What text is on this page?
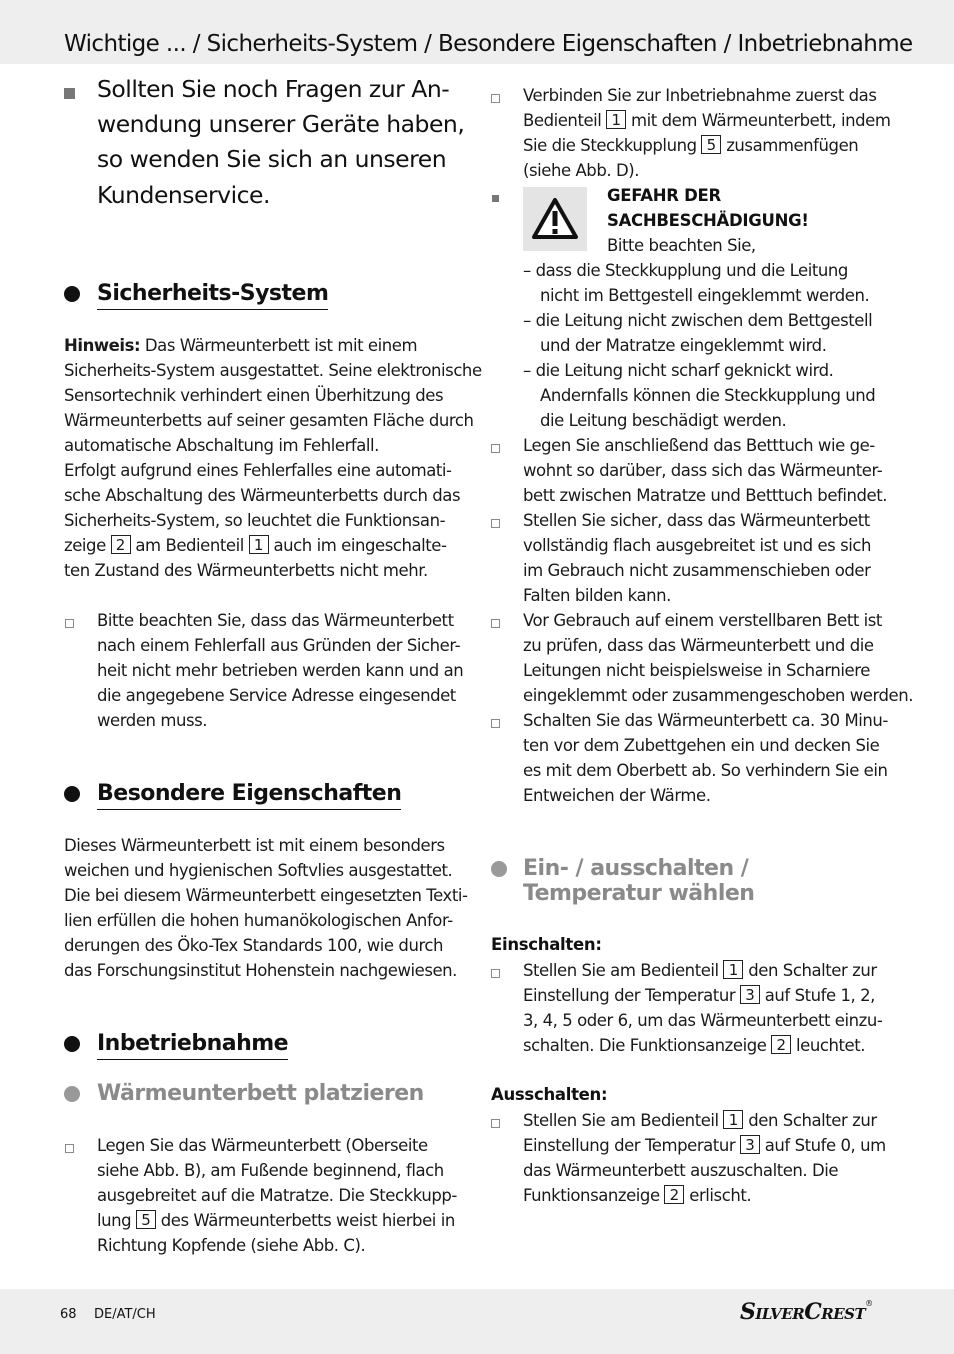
Wichtige ... / Sicherheits-System / Besondere Eigenschaften / Inbetriebnahme
Sollten Sie noch Fragen zur An-
wendung unserer Geräte haben,
so wenden Sie sich an unseren
Kundenservice.
Sicherheits-System
Hinweis: Das Wärmeunterbett ist mit einem
Sicherheits-System ausgestattet. Seine elektronische
Sensortechnik verhindert einen Überhitzung des
Wärmeunterbetts auf seiner gesamten Fläche durch
automatische Abschaltung im Fehlerfall.
Erfolgt aufgrund eines Fehlerfalles eine automati-
sche Abschaltung des Wärmeunterbetts durch das
Sicherheits-System, so leuchtet die Funktionsan-
zeige 2 am Bedienteil 1 auch im eingeschalte-
ten Zustand des Wärmeunterbetts nicht mehr.
Bitte beachten Sie, dass das Wärmeunterbett
nach einem Fehlerfall aus Gründen der Sicher-
heit nicht mehr betrieben werden kann und an
die angegebene Service Adresse eingesendet
werden muss.
Besondere Eigenschaften
Dieses Wärmeunterbett ist mit einem besonders
weichen und hygienischen Softvlies ausgestattet.
Die bei diesem Wärmeunterbett eingesetzten Texti-
lien erfüllen die hohen humanökologischen Anfor-
derungen des Öko-Tex Standards 100, wie durch
das Forschungsinstitut Hohenstein nachgewiesen.
Inbetriebnahme
Wärmeunterbett platzieren
Legen Sie das Wärmeunterbett (Oberseite
siehe Abb. B), am Fußende beginnend, flach
ausgebreitet auf die Matratze. Die Steckkupp-
lung 5 des Wärmeunterbetts weist hierbei in
Richtung Kopfende (siehe Abb. C).
Verbinden Sie zur Inbetriebnahme zuerst das
Bedienteil 1 mit dem Wärmeunterbett, indem
Sie die Steckkupplung 5 zusammenfügen
(siehe Abb. D).
GEFAHR DER
SACHBESCHÄDIGUNG!
Bitte beachten Sie,
– dass die Steckkupplung und die Leitung
nicht im Bettgestell eingeklemmt werden.
– die Leitung nicht zwischen dem Bettgestell
und der Matratze eingeklemmt wird.
– die Leitung nicht scharf geknickt wird.
Andernfalls können die Steckkupplung und
die Leitung beschädigt werden.
Legen Sie anschließend das Betttuch wie ge-
wohnt so darüber, dass sich das Wärmeunter-
bett zwischen Matratze und Betttuch befindet.
Stellen Sie sicher, dass das Wärmeunterbett
vollständig flach ausgebreitet ist und es sich
im Gebrauch nicht zusammenschieben oder
Falten bilden kann.
Vor Gebrauch auf einem verstellbaren Bett ist
zu prüfen, dass das Wärmeunterbett und die
Leitungen nicht beispielsweise in Scharniere
eingeklemmt oder zusammengeschoben werden.
Schalten Sie das Wärmeunterbett ca. 30 Minu-
ten vor dem Zubettgehen ein und decken Sie
es mit dem Oberbett ab. So verhindern Sie ein
Entweichen der Wärme.
Ein- / ausschalten /
Temperatur wählen
Einschalten:
Stellen Sie am Bedienteil 1 den Schalter zur
Einstellung der Temperatur 3 auf Stufe 1, 2,
3, 4, 5 oder 6, um das Wärmeunterbett einzu-
schalten. Die Funktionsanzeige 2 leuchtet.
Ausschalten:
Stellen Sie am Bedienteil 1 den Schalter zur
Einstellung der Temperatur 3 auf Stufe 0, um
das Wärmeunterbett auszuschalten. Die
Funktionsanzeige 2 erlischt.
68 DE/AT/CH	SILVERCREST®
